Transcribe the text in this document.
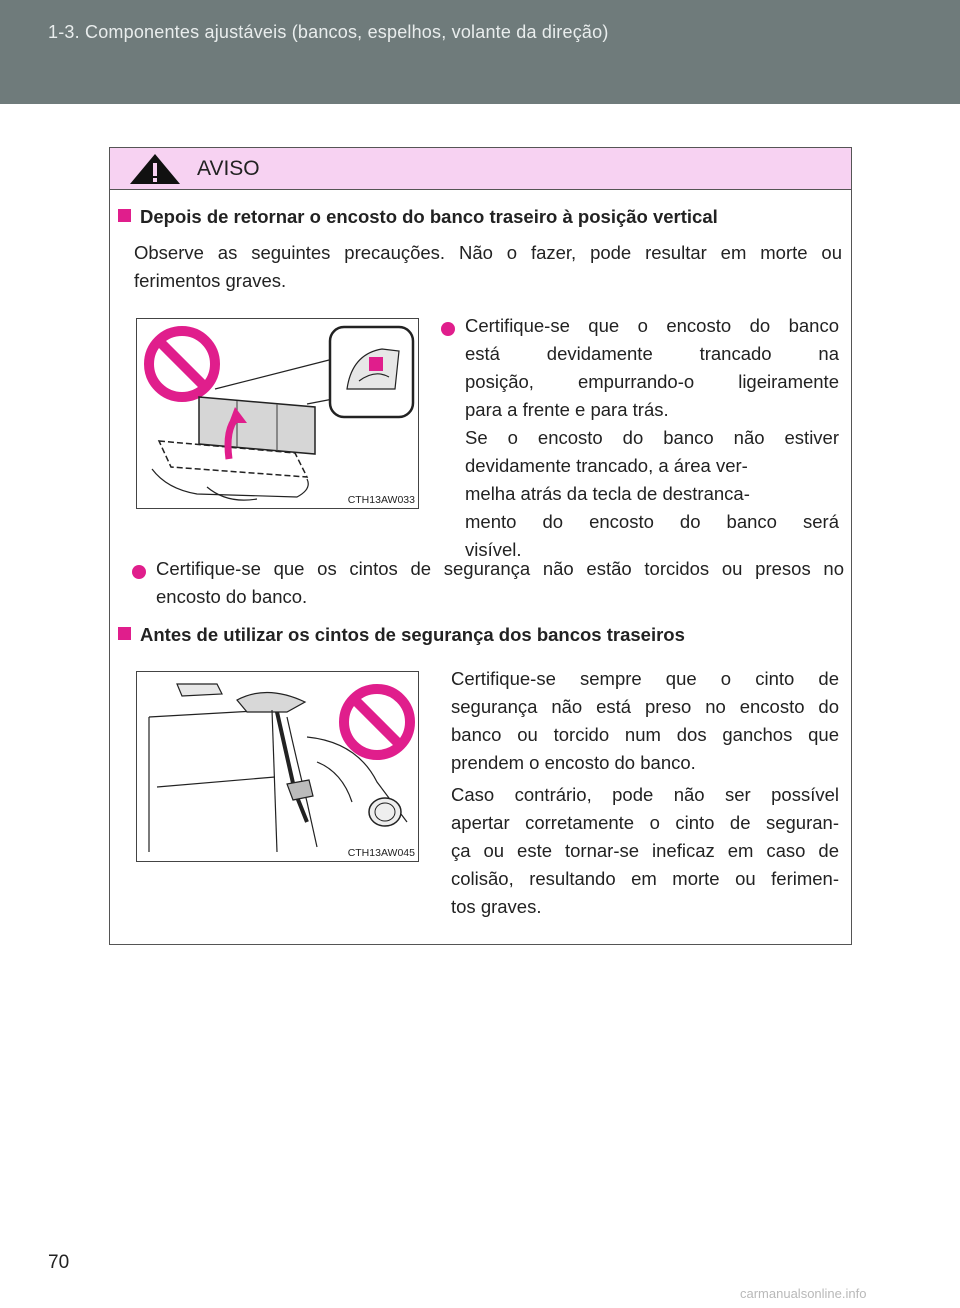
1-3. Componentes ajustáveis (bancos, espelhos, volante da direção)
AVISO
Depois de retornar o encosto do banco traseiro à posição vertical
Observe as seguintes precauções. Não o fazer, pode resultar em morte ou
ferimentos graves.
CTH13AW033
Certifique-se que o encosto do banco
está devidamente trancado na
posição, empurrando-o ligeiramente
para a frente e para trás.
Se o encosto do banco não estiver
devidamente trancado, a área ver-
melha atrás da tecla de destranca-
mento do encosto do banco será
visível.
Certifique-se que os cintos de segurança não estão torcidos ou presos no
encosto do banco.
Antes de utilizar os cintos de segurança dos bancos traseiros
CTH13AW045
Certifique-se sempre que o cinto de
segurança não está preso no encosto do
banco ou torcido num dos ganchos que
prendem o encosto do banco.
Caso contrário, pode não ser possível
apertar corretamente o cinto de seguran-
ça ou este tornar-se ineficaz em caso de
colisão, resultando em morte ou ferimen-
tos graves.
70
carmanualsonline.info
